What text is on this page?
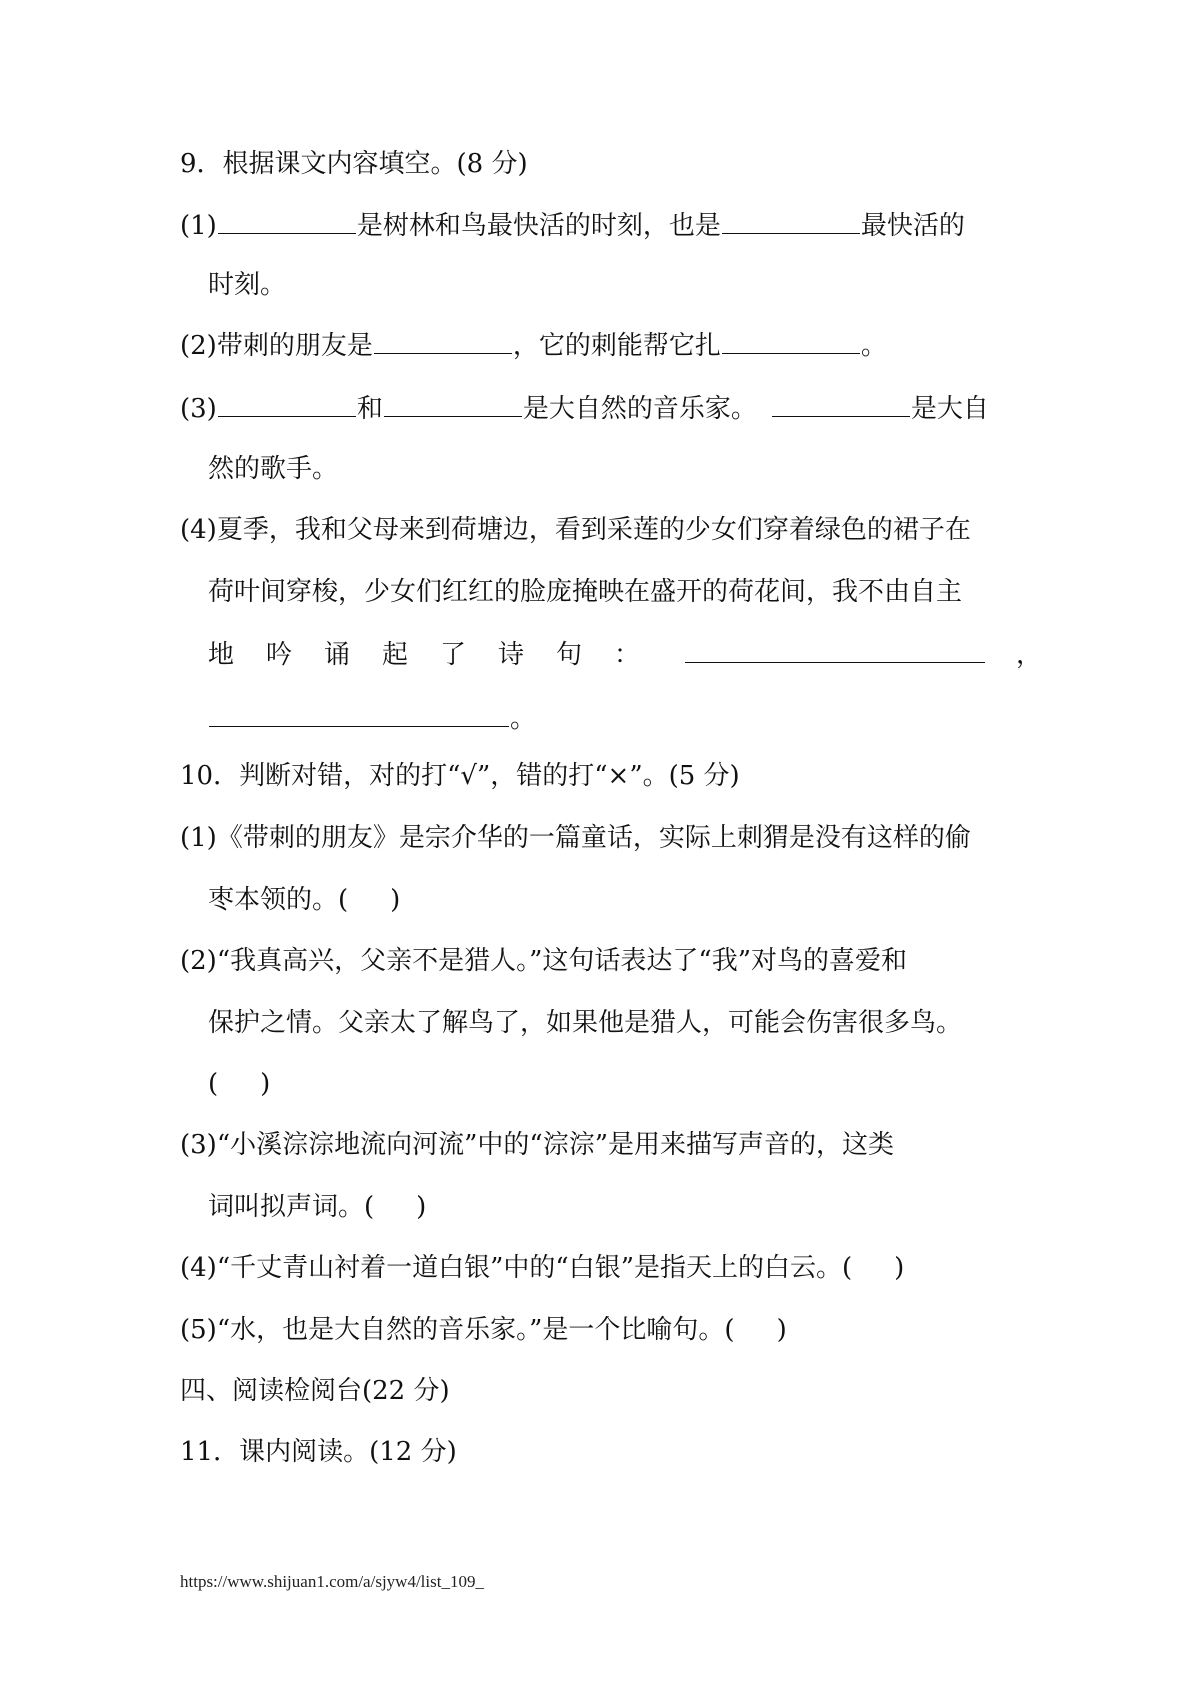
9．根据课文内容填空。(8 分)
(1)	是树林和鸟最快活的时刻，也是	最快活的
时刻。
(2)带刺的朋友是	，它的刺能帮它扎	。
(3)	和	是大自然的音乐家。	是大自
然的歌手。
(4)夏季，我和父母来到荷塘边，看到采莲的少女们穿着绿色的裙子在
荷叶间穿梭，少女们红红的脸庞掩映在盛开的荷花间，我不由自主
地 吟 诵 起 了 诗 句 ：	，
。
10．判断对错，对的打“√”，错的打“×”。(5 分)
(1)《带刺的朋友》是宗介华的一篇童话，实际上刺猬是没有这样的偷
枣本领的。( )
(2)“我真高兴，父亲不是猎人。”这句话表达了“我”对鸟的喜爱和
保护之情。父亲太了解鸟了，如果他是猎人，可能会伤害很多鸟。
( )
(3)“小溪淙淙地流向河流”中的“淙淙”是用来描写声音的，这类
词叫拟声词。( )
(4)“千丈青山衬着一道白银”中的“白银”是指天上的白云。( )
(5)“水，也是大自然的音乐家。”是一个比喻句。( )
四、阅读检阅台(22 分)
11．课内阅读。(12 分)
https://www.shijuan1.com/a/sjyw4/list_109_
